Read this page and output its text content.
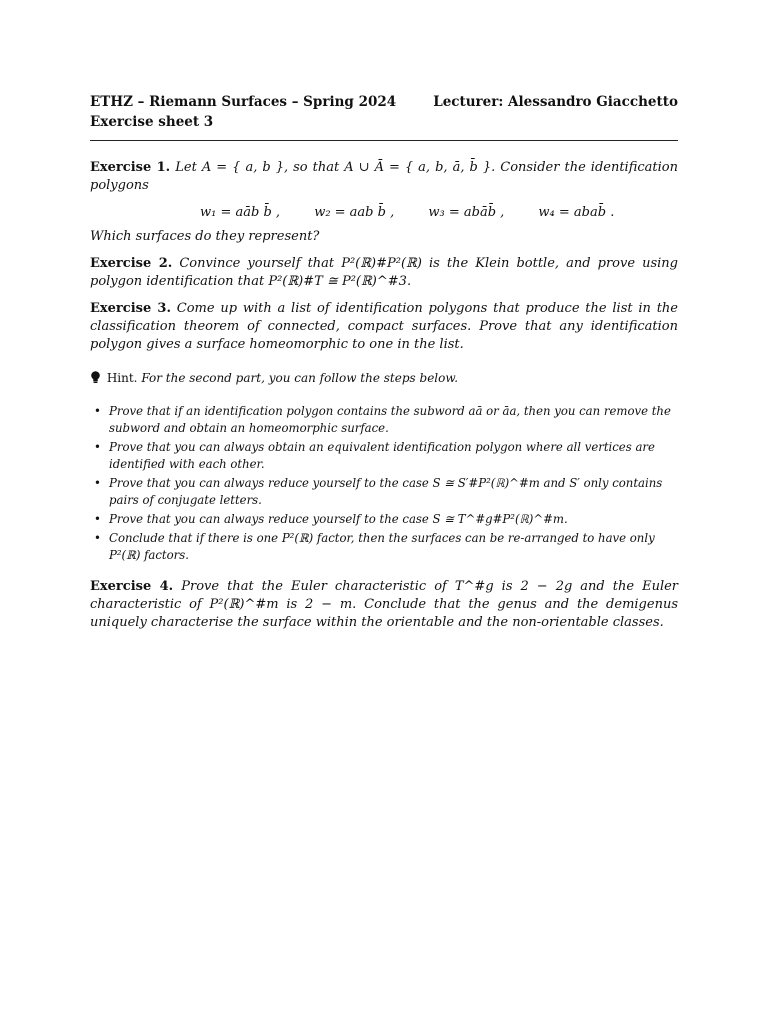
ETHZ – Riemann Surfaces – Spring 2024
Exercise sheet 3
Lecturer: Alessandro Giacchetto

Exercise 1. Let A = { a, b }, so that A ∪ Ā = { a, b, ā, b̄ }. Consider the identification polygons

w₁ = aāb b̄ ,	w₂ = aab b̄ ,	w₃ = abāb̄ ,	w₄ = abab̄ .

Which surfaces do they represent?

Exercise 2. Convince yourself that P²(ℝ)#P²(ℝ) is the Klein bottle, and prove using polygon identification that P²(ℝ)#T ≅ P²(ℝ)^#3.

Exercise 3. Come up with a list of identification polygons that produce the list in the classification theorem of connected, compact surfaces. Prove that any identification polygon gives a surface homeomorphic to one in the list.

Hint. For the second part, you can follow the steps below.
• Prove that if an identification polygon contains the subword aā or āa, then you can remove the subword and obtain an homeomorphic surface.
• Prove that you can always obtain an equivalent identification polygon where all vertices are identified with each other.
• Prove that you can always reduce yourself to the case S ≅ S′#P²(ℝ)^#m and S′ only contains pairs of conjugate letters.
• Prove that you can always reduce yourself to the case S ≅ T^#g#P²(ℝ)^#m.
• Conclude that if there is one P²(ℝ) factor, then the surfaces can be re-arranged to have only P²(ℝ) factors.

Exercise 4. Prove that the Euler characteristic of T^#g is 2 − 2g and the Euler characteristic of P²(ℝ)^#m is 2 − m. Conclude that the genus and the demigenus uniquely characterise the surface within the orientable and the non-orientable classes.
